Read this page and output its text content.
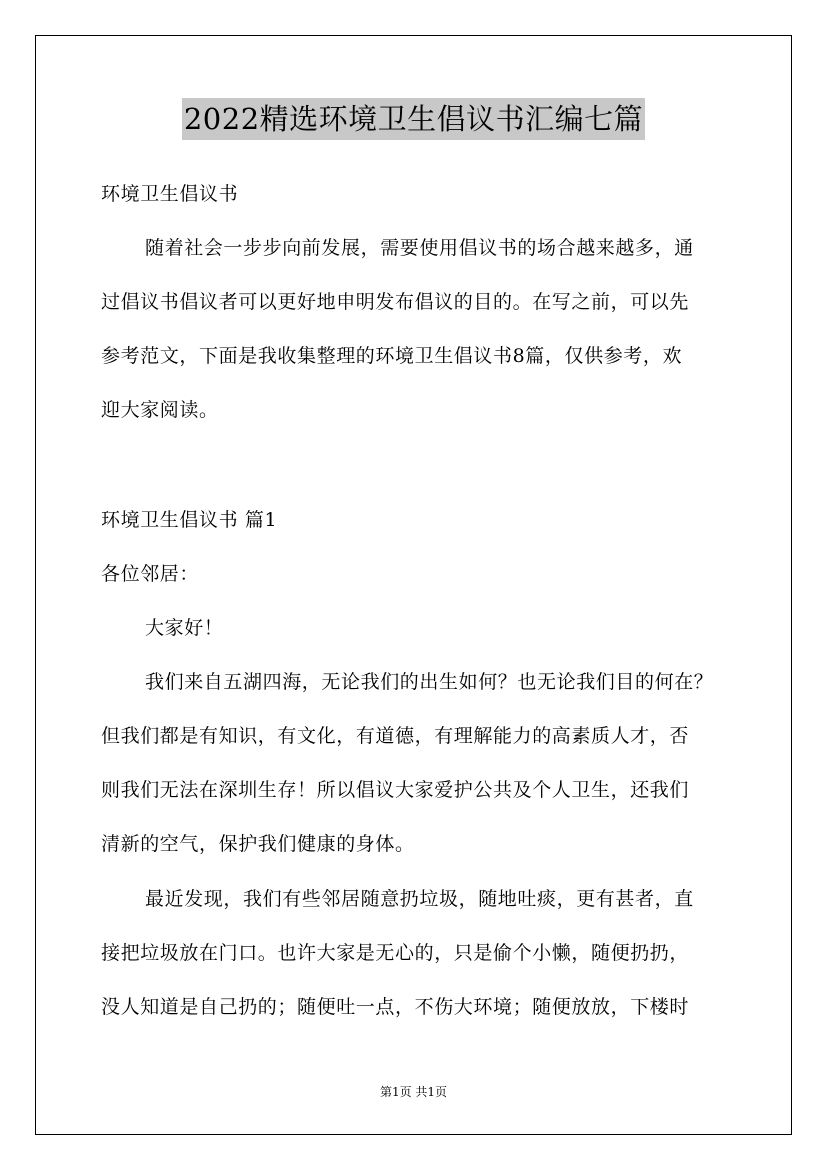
2022精选环境卫生倡议书汇编七篇
环境卫生倡议书
随着社会一步步向前发展，需要使用倡议书的场合越来越多，通
过倡议书倡议者可以更好地申明发布倡议的目的。在写之前，可以先
参考范文，下面是我收集整理的环境卫生倡议书8篇，仅供参考，欢
迎大家阅读。
环境卫生倡议书 篇1
各位邻居：
大家好！
我们来自五湖四海，无论我们的出生如何？也无论我们目的何在？
但我们都是有知识，有文化，有道德，有理解能力的高素质人才，否
则我们无法在深圳生存！所以倡议大家爱护公共及个人卫生，还我们
清新的空气，保护我们健康的身体。
最近发现，我们有些邻居随意扔垃圾，随地吐痰，更有甚者，直
接把垃圾放在门口。也许大家是无心的，只是偷个小懒，随便扔扔，
没人知道是自己扔的；随便吐一点，不伤大环境；随便放放，下楼时
第1页 共1页
